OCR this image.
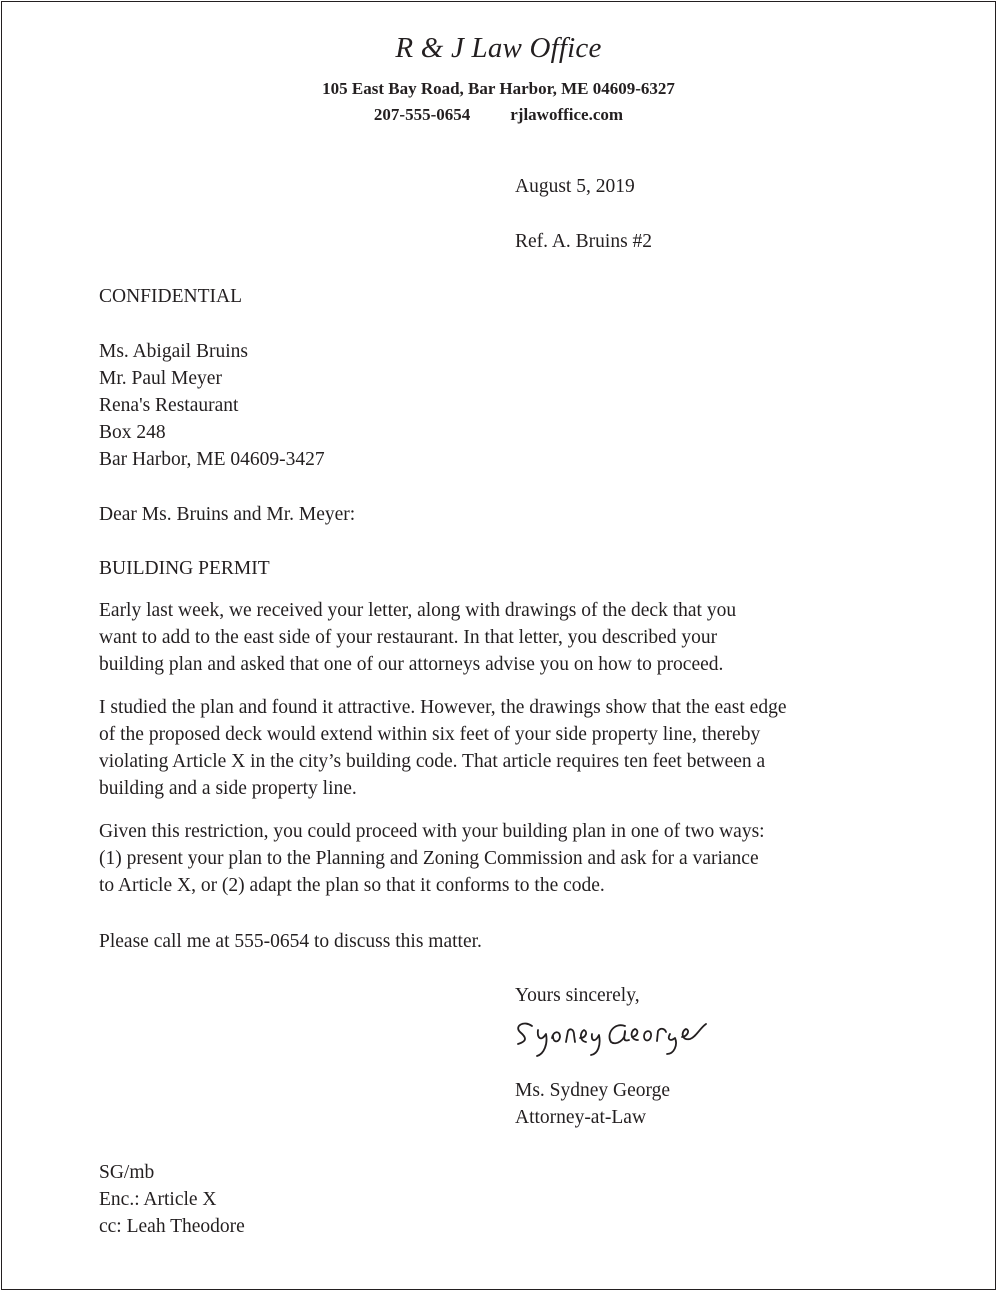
R & J Law Office
105 East Bay Road, Bar Harbor, ME 04609-6327
207-555-0654 rjlawoffice.com
August 5, 2019
Ref. A. Bruins #2
CONFIDENTIAL
Ms. Abigail Bruins
Mr. Paul Meyer
Rena's Restaurant
Box 248
Bar Harbor, ME 04609-3427
Dear Ms. Bruins and Mr. Meyer:
BUILDING PERMIT
Early last week, we received your letter, along with drawings of the deck that you
want to add to the east side of your restaurant. In that letter, you described your
building plan and asked that one of our attorneys advise you on how to proceed.
I studied the plan and found it attractive. However, the drawings show that the east edge
of the proposed deck would extend within six feet of your side property line, thereby
violating Article X in the city’s building code. That article requires ten feet between a
building and a side property line.
Given this restriction, you could proceed with your building plan in one of two ways:
(1) present your plan to the Planning and Zoning Commission and ask for a variance
to Article X, or (2) adapt the plan so that it conforms to the code.
Please call me at 555-0654 to discuss this matter.
Yours sincerely,
Ms. Sydney George
Attorney-at-Law
SG/mb
Enc.: Article X
cc: Leah Theodore
